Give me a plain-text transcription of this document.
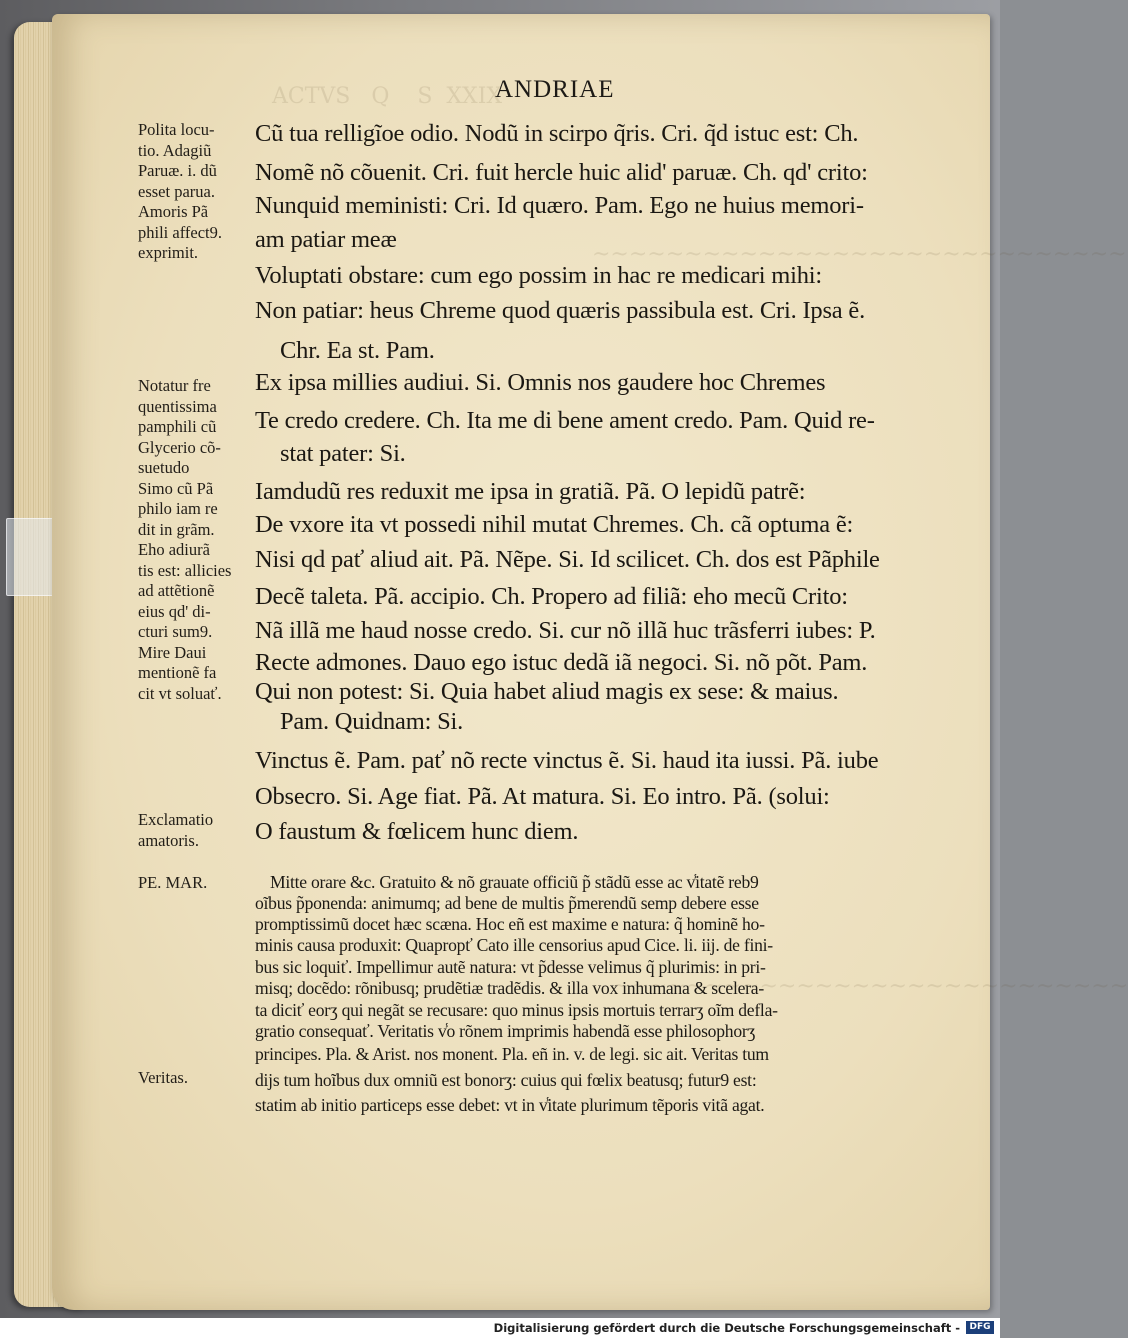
ACTVS   Q    S  XXIX
~~~~~~~~~~~~~~~~~~~~~~~~~~~~~
~~~~~~~~~~~~~~~~~~~~~~~~~~~~
ANDRIAE
Cũ tua relligĩoe odio. Nodũ in scirpo q̃ris. Cri. q̃d istuc est: Ch.
Nomẽ nõ cõuenit. Cri. fuit hercle huic alid' paruæ. Ch. qd' crito:
Nunquid meministi: Cri. Id quæro. Pam. Ego ne huius memori-
am patiar meæ
Voluptati obstare: cum ego possim in hac re medicari mihi:
Non patiar: heus Chreme quod quæris passibula est. Cri. Ipsa ẽ.
Chr. Ea st. Pam.
Ex ipsa millies audiui. Si. Omnis nos gaudere hoc Chremes
Te credo credere. Ch. Ita me di bene ament credo. Pam. Quid re-
stat pater: Si.
Iamdudũ res reduxit me ipsa in gratiã. Pã. O lepidũ patrẽ:
De vxore ita vt possedi nihil mutat Chremes. Ch. cã optuma ẽ:
Nisi qd pať aliud ait. Pã. Nẽpe. Si. Id scilicet. Ch. dos est Pãphile
Decẽ taleta. Pã. accipio. Ch. Propero ad filiã: eho mecũ Crito:
Nã illã me haud nosse credo. Si. cur nõ illã huc trãsferri iubes: P.
Recte admones. Dauo ego istuc dedã iã negoci. Si. nõ põt. Pam.
Qui non potest: Si. Quia habet aliud magis ex sese: & maius.
Pam. Quidnam: Si.
Vinctus ẽ. Pam. pať nõ recte vinctus ẽ. Si. haud ita iussi. Pã. iube
Obsecro. Si. Age fiat. Pã. At matura. Si. Eo intro. Pã. (solui:
O faustum & fœlicem hunc diem.
Polita locu-
tio. Adagiũ
Paruæ. i. dũ
esset parua.
Amoris Pã
phili affect9.
exprimit.
Notatur fre
quentissima
pamphili cũ
Glycerio cõ-
suetudo
Simo cũ Pã
philo iam re
dit in grãm.
Eho adiurã
tis est: allicies
ad attẽtionẽ
eius qd' di-
cturi sum9.
Mire Daui
mentionẽ fa
cit vt soluať.
Exclamatio
amatoris.
PE. MAR.
Veritas.
Mitte orare &c. Gratuito & nõ grauate officiũ p̃ stãdũ esse ac v̾itatẽ reb9
oĩbus p̃ponenda: animumq; ad bene de multis p̃merendũ semp debere esse
promptissimũ docet hæc scæna. Hoc eñ est maxime e natura: q̃ hominẽ ho-
minis causa produxit: Quapropť Cato ille censorius apud Cice. li. iij. de fini-
bus sic loquiť. Impellimur autẽ natura: vt p̃desse velimus q̃ plurimis: in pri-
misq; docẽdo: rõnibusq; prudẽtiæ tradẽdis. & illa vox inhumana & scelera-
ta diciť eorʒ qui negãt se recusare: quo minus ipsis mortuis terrarʒ oĩm defla-
gratio consequať. Veritatis v̾o rõnem imprimis habendã esse philosophorʒ
principes. Pla. & Arist. nos monent. Pla. eñ in. v. de legi. sic ait. Veritas tum
dijs tum hoĩbus dux omniũ est bonorʒ: cuius qui fœlix beatusq; futur9 est:
statim ab initio particeps esse debet: vt in v̾itate plurimum tẽporis vitã agat.
Digitalisierung gefördert durch die Deutsche Forschungsgemeinschaft -	DFG
